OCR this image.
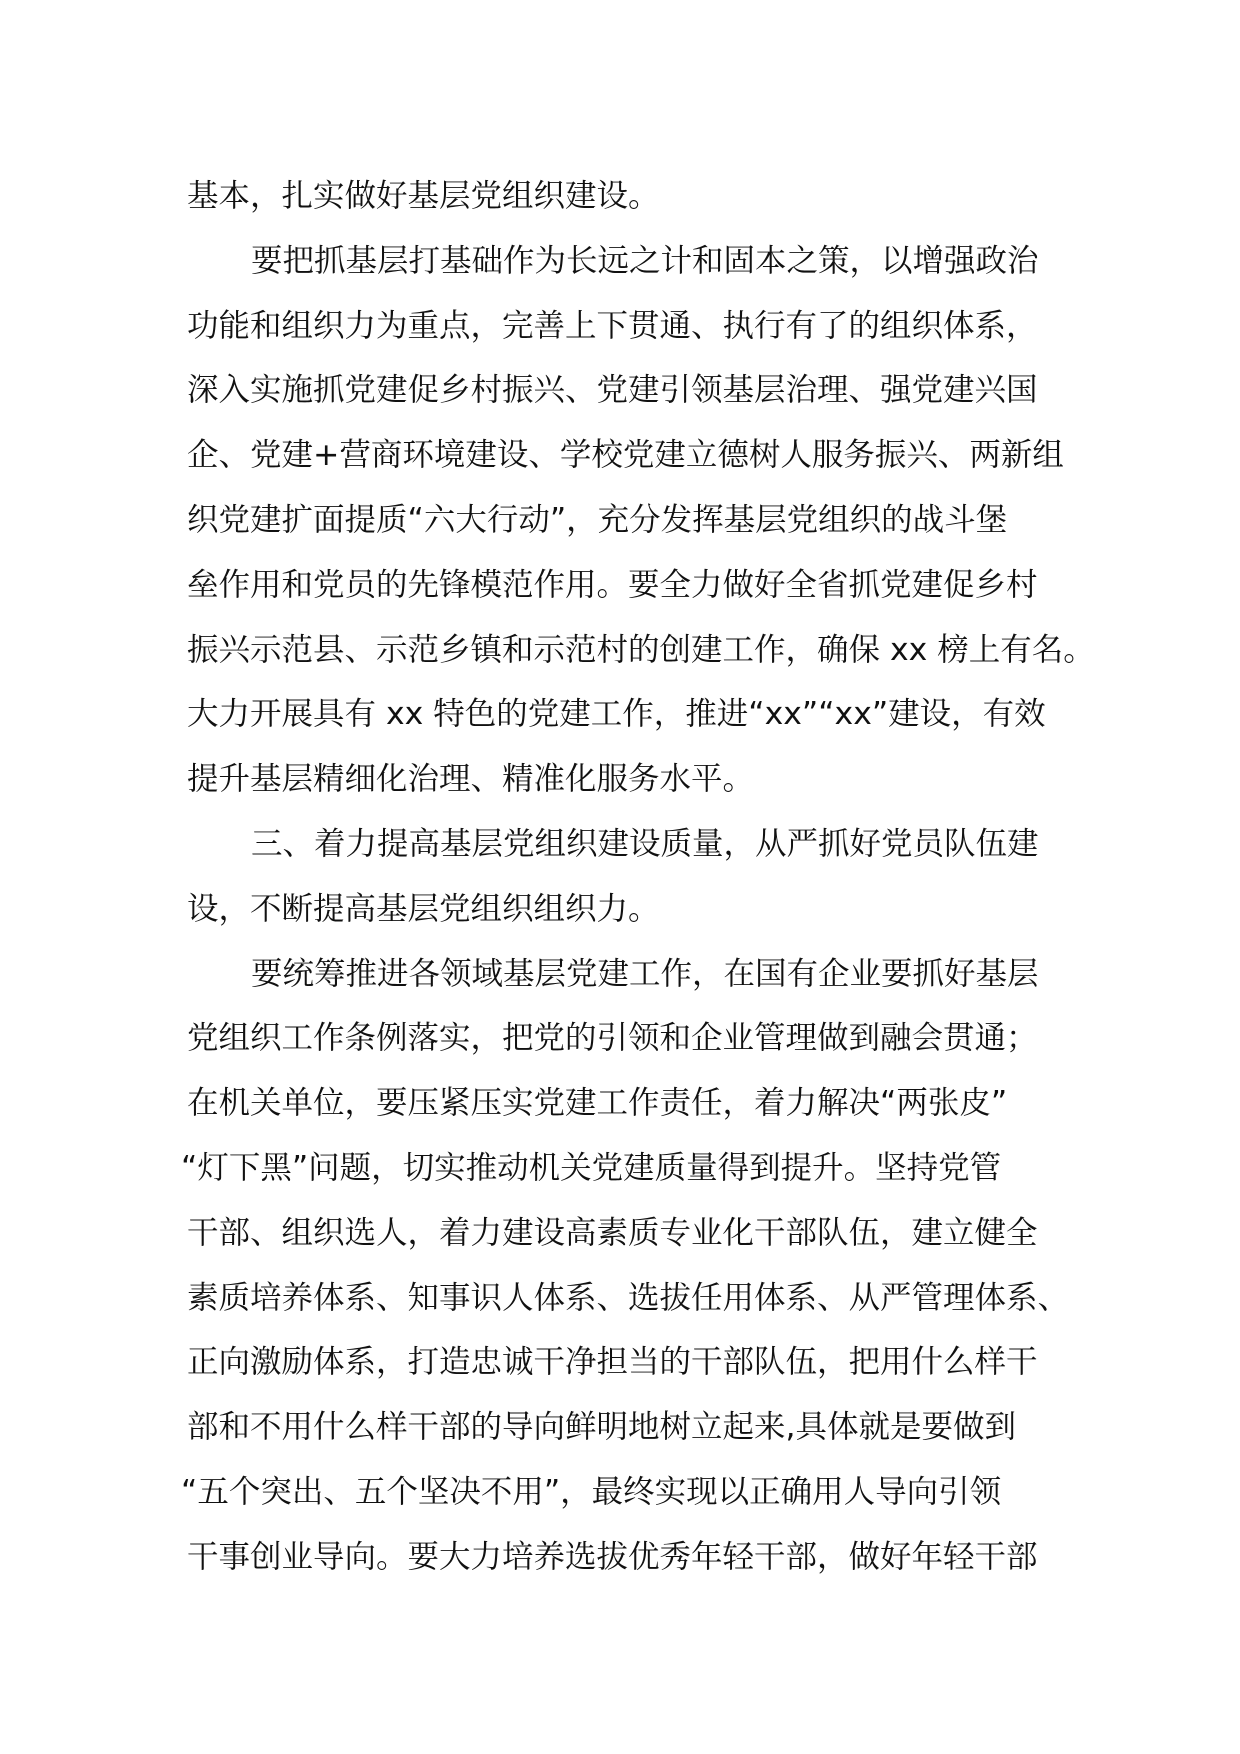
基本，扎实做好基层党组织建设。
要把抓基层打基础作为长远之计和固本之策，以增强政治
功能和组织力为重点，完善上下贯通、执行有了的组织体系，
深入实施抓党建促乡村振兴、党建引领基层治理、强党建兴国
企、党建+营商环境建设、学校党建立德树人服务振兴、两新组
织党建扩面提质“六大行动”，充分发挥基层党组织的战斗堡
垒作用和党员的先锋模范作用。要全力做好全省抓党建促乡村
振兴示范县、示范乡镇和示范村的创建工作，确保 xx 榜上有名。
大力开展具有 xx 特色的党建工作，推进“xx”“xx”建设，有效
提升基层精细化治理、精准化服务水平。
三、着力提高基层党组织建设质量，从严抓好党员队伍建
设，不断提高基层党组织组织力。
要统筹推进各领域基层党建工作，在国有企业要抓好基层
党组织工作条例落实，把党的引领和企业管理做到融会贯通；
在机关单位，要压紧压实党建工作责任，着力解决“两张皮”
“灯下黑”问题，切实推动机关党建质量得到提升。坚持党管
干部、组织选人，着力建设高素质专业化干部队伍，建立健全
素质培养体系、知事识人体系、选拔任用体系、从严管理体系、
正向激励体系，打造忠诚干净担当的干部队伍，把用什么样干
部和不用什么样干部的导向鲜明地树立起来,具体就是要做到
“五个突出、五个坚决不用”，最终实现以正确用人导向引领
干事创业导向。要大力培养选拔优秀年轻干部，做好年轻干部
